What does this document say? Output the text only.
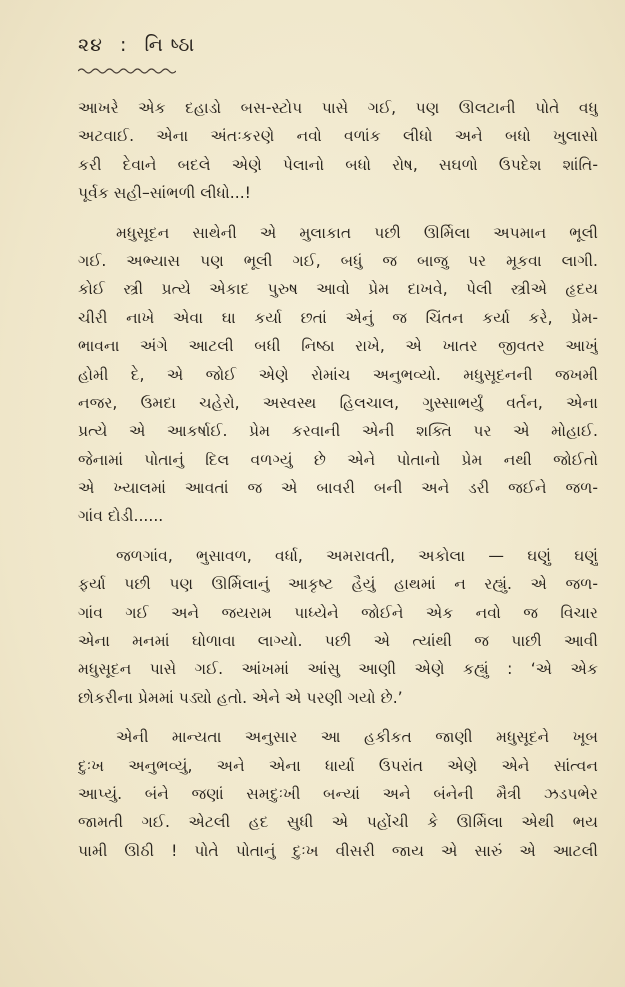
૨૪ : નિ ષ્ઠા
આખરે એક દહાડો બસ-સ્ટોપ પાસે ગઈ, પણ ઊલટાની પોતે વધુ
અટવાઈ. એના અંતઃકરણે નવો વળાંક લીધો અને બધો ખુલાસો
કરી દેવાને બદલે એણે પેલાનો બધો રોષ, સઘળો ઉપદેશ શાંતિ-
પૂર્વક સહી–સાંભળી લીધો...!
મધુસૂદન સાથેની એ મુલાકાત પછી ઊર્મિલા અપમાન ભૂલી
ગઈ. અભ્યાસ પણ ભૂલી ગઈ, બધું જ બાજુ પર મૂકવા લાગી.
કોઈ સ્ત્રી પ્રત્યે એકાદ પુરુષ આવો પ્રેમ દાખવે, પેલી સ્ત્રીએ હૃદય
ચીરી નાખે એવા ઘા કર્યા છતાં એનું જ ચિંતન કર્યા કરે, પ્રેમ-
ભાવના અંગે આટલી બધી નિષ્ઠા રાખે, એ ખાતર જીવતર આખું
હોમી દે, એ જોઈ એણે રોમાંચ અનુભવ્યો. મધુસૂદનની જખમી
નજર, ઉમદા ચહેરો, અસ્વસ્થ હિલચાલ, ગુસ્સાભર્યું વર્તન, એના
પ્રત્યે એ આકર્ષાઈ. પ્રેમ કરવાની એની શક્તિ પર એ મોહાઈ.
જેનામાં પોતાનું દિલ વળગ્યું છે એને પોતાનો પ્રેમ નથી જોઈતો
એ ખ્યાલમાં આવતાં જ એ બાવરી બની અને ડરી જઈને જળ-
ગાંવ દોડી......
જળગાંવ, ભુસાવળ, વર્ધા, અમરાવતી, અકોલા — ઘણું ઘણું
ફર્યા પછી પણ ઊર્મિલાનું આકૃષ્ટ હૈયું હાથમાં ન રહ્યું. એ જળ-
ગાંવ ગઈ અને જયરામ પાધ્યેને જોઈને એક નવો જ વિચાર
એના મનમાં ઘોળાવા લાગ્યો. પછી એ ત્યાંથી જ પાછી આવી
મધુસૂદન પાસે ગઈ. આંખમાં આંસુ આણી એણે કહ્યું : ‘એ એક
છોકરીના પ્રેમમાં પડ્યો હતો. એને એ પરણી ગયો છે.’
એની માન્યતા અનુસાર આ હકીકત જાણી મધુસૂદને ખૂબ
દુઃખ અનુભવ્યું, અને એના ધાર્યા ઉપરાંત એણે એને સાંત્વન
આપ્યું. બંને જણાં સમદુઃખી બન્યાં અને બંનેની મૈત્રી ઝડપભેર
જામતી ગઈ. એટલી હદ સુધી એ પહોંચી કે ઊર્મિલા એથી ભય
પામી ઊઠી ! પોતે પોતાનું દુઃખ વીસરી જાય એ સારું એ આટલી
